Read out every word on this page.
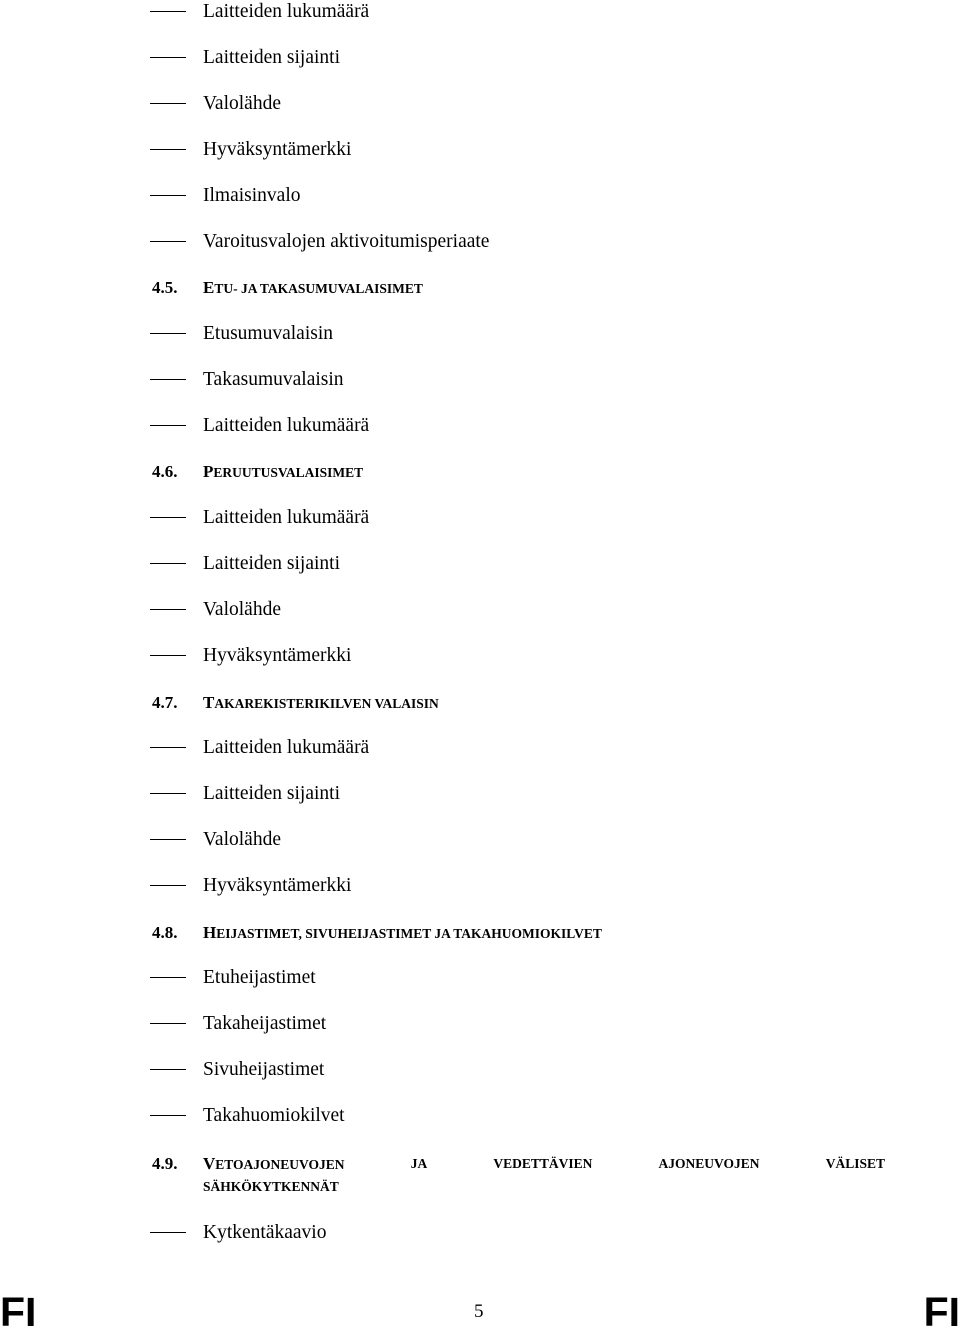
Laitteiden lukumäärä
Laitteiden sijainti
Valolähde
Hyväksyntämerkki
Ilmaisinvalo
Varoitusvalojen aktivoitumisperiaate
4.5. ETU- JA TAKASUMUVALAISIMET
Etusumuvalaisin
Takasumuvalaisin
Laitteiden lukumäärä
4.6. PERUUTUSVALAISIMET
Laitteiden lukumäärä
Laitteiden sijainti
Valolähde
Hyväksyntämerkki
4.7. TAKAREKISTERIKILVEN VALAISIN
Laitteiden lukumäärä
Laitteiden sijainti
Valolähde
Hyväksyntämerkki
4.8. HEIJASTIMET, SIVUHEIJASTIMET JA TAKAHUOMIOKILVET
Etuheijastimet
Takaheijastimet
Sivuheijastimet
Takahuomiokilvet
4.9.	VETOAJONEUVOJEN	JA	VEDETTÄVIEN	AJONEUVOJEN	VÄLISET
SÄHKÖKYTKENNÄT
Kytkentäkaavio
FI	5	FI
